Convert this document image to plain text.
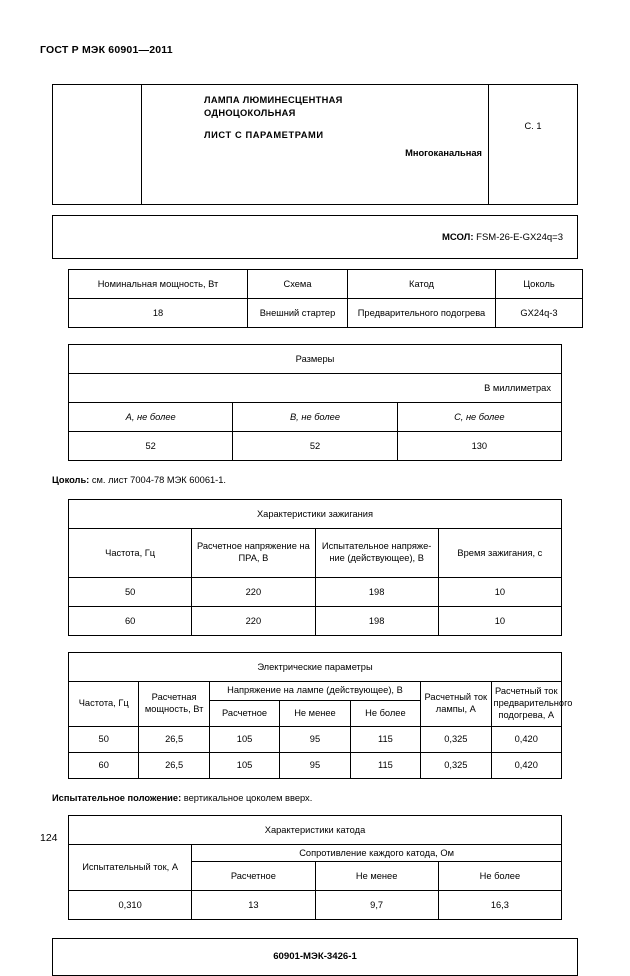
ГОСТ Р МЭК 60901—2011

ЛАМПА ЛЮМИНЕСЦЕНТНАЯ
ОДНОЦОКОЛЬНАЯ
ЛИСТ С ПАРАМЕТРАМИ
Многоканальная
	С. 1
МСОЛ: FSM-26-E-GX24q=3
Номинальная мощность, Вт	Схема	Катод	Цоколь
18	Внешний стартер	Предварительного подогрева	GX24q-3
Размеры		
В миллиметрах		
A, не более	B, не более	C, не более
52	52	130
Цоколь: см. лист 7004-78 МЭК 60061-1.
Характеристики зажигания			
Частота, Гц	Расчетное напряжение на ПРА, В	Испытательное напряже-ние (действующее), В	Время зажигания, с
50	220	198	10
60	220	198	10
Электрические параметры						
Частота, Гц	Расчетная мощность, Вт	Напряжение на лампе (действующее), В			Расчетный ток лампы, А	Расчетный ток предварительного подогрева, А
		Расчетное	Не менее	Не более		
50	26,5	105	95	115	0,325	0,420
60	26,5	105	95	115	0,325	0,420
Испытательное положение: вертикальное цоколем вверх.
Характеристики катода			
Испытательный ток, А	Сопротивление каждого катода, Ом		
	Расчетное	Не менее	Не более
0,310	13	9,7	16,3
60901-МЭК-3426-1
124
